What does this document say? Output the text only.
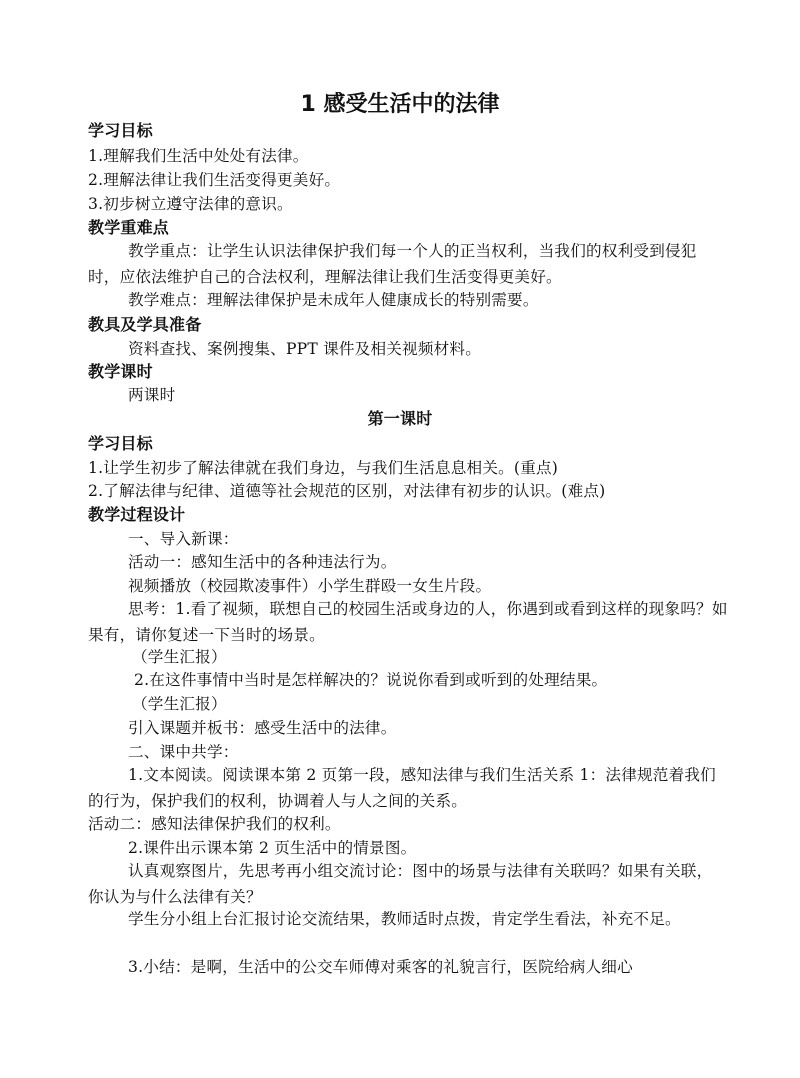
1 感受生活中的法律

学习目标

1.理解我们生活中处处有法律。

2.理解法律让我们生活变得更美好。

3.初步树立遵守法律的意识。

教学重难点

教学重点：让学生认识法律保护我们每一个人的正当权利，当我们的权利受到侵犯时，应依法维护自己的合法权利，理解法律让我们生活变得更美好。

教学难点：理解法律保护是未成年人健康成长的特别需要。

教具及学具准备

资料查找、案例搜集、PPT 课件及相关视频材料。

教学课时

两课时

第一课时

学习目标

1.让学生初步了解法律就在我们身边，与我们生活息息相关。(重点)

2.了解法律与纪律、道德等社会规范的区别，对法律有初步的认识。(难点)

教学过程设计

一、导入新课：

活动一：感知生活中的各种违法行为。

视频播放（校园欺凌事件）小学生群殴一女生片段。

思考：1.看了视频，联想自己的校园生活或身边的人，你遇到或看到这样的现象吗？如果有，请你复述一下当时的场景。

（学生汇报）

2.在这件事情中当时是怎样解决的？说说你看到或听到的处理结果。

（学生汇报）

引入课题并板书：感受生活中的法律。

二、课中共学：

1.文本阅读。阅读课本第 2 页第一段，感知法律与我们生活关系 1：法律规范着我们的行为，保护我们的权利，协调着人与人之间的关系。

活动二：感知法律保护我们的权利。

2.课件出示课本第 2 页生活中的情景图。

认真观察图片，先思考再小组交流讨论：图中的场景与法律有关联吗？如果有关联，你认为与什么法律有关？

学生分小组上台汇报讨论交流结果，教师适时点拨，肯定学生看法，补充不足。

3.小结：是啊，生活中的公交车师傅对乘客的礼貌言行，医院给病人细心
